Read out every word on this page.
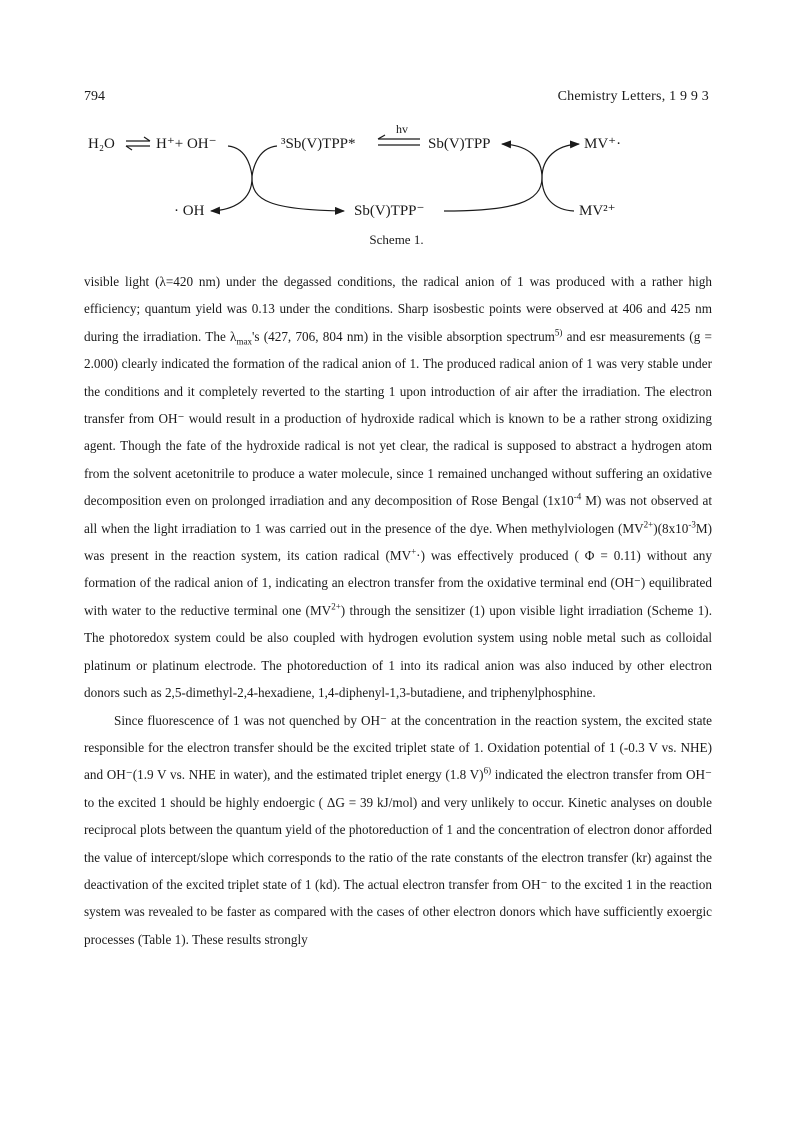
794	Chemistry Letters, 1 9 9 3
H₂O	H⁺+ OH⁻	³Sb(V)TPP*
hv
Sb(V)TPP	MV⁺·
· OH	Sb(V)TPP⁻	MV²⁺
Scheme 1.

visible light (λ=420 nm) under the degassed conditions, the radical anion of 1 was produced with a rather high efficiency; quantum yield was 0.13 under the conditions. Sharp isosbestic points were observed at 406 and 425 nm during the irradiation. The $\lambda_{max}'s$ (427, 706, 804 nm) in the visible absorption spectrum$^{5)}$ and esr measurements (g = 2.000) clearly indicated the formation of the radical anion of 1. The produced radical anion of 1 was very stable under the conditions and it completely reverted to the starting 1 upon introduction of air after the irradiation. The electron transfer from OH⁻ would result in a production of hydroxide radical which is known to be a rather strong oxidizing agent. Though the fate of the hydroxide radical is not yet clear, the radical is supposed to abstract a hydrogen atom from the solvent acetonitrile to produce a water molecule, since 1 remained unchanged without suffering an oxidative decomposition even on prolonged irradiation and any decomposition of Rose Bengal ($1x10^{-4}$ M) was not observed at all when the light irradiation to 1 was carried out in the presence of the dye. When methylviologen $(MV^{2+})(8x10^{-3}M)$ was present in the reaction system, its cation radical (MV+·) was effectively produced ( Φ = 0.11) without any formation of the radical anion of 1, indicating an electron transfer from the oxidative terminal end (OH⁻) equilibrated with water to the reductive terminal one $(MV^{2+})$ through the sensitizer (1) upon visible light irradiation (Scheme 1). The photoredox system could be also coupled with hydrogen evolution system using noble metal such as colloidal platinum or platinum electrode. The photoreduction of 1 into its radical anion was also induced by other electron donors such as 2,5-dimethyl-2,4-hexadiene, 1,4-diphenyl-1,3-butadiene, and triphenylphosphine.

Since fluorescence of 1 was not quenched by OH⁻ at the concentration in the reaction system, the excited state responsible for the electron transfer should be the excited triplet state of 1. Oxidation potential of 1 (-0.3 V vs. NHE) and OH⁻(1.9 V vs. NHE in water), and the estimated triplet energy (1.8 V)$^{6)}$ indicated the electron transfer from OH⁻ to the excited 1 should be highly endoergic ( ΔG = 39 kJ/mol) and very unlikely to occur. Kinetic analyses on double reciprocal plots between the quantum yield of the photoreduction of 1 and the concentration of electron donor afforded the value of intercept/slope which corresponds to the ratio of the rate constants of the electron transfer (kr) against the deactivation of the excited triplet state of 1 (kd). The actual electron transfer from OH⁻ to the excited 1 in the reaction system was revealed to be faster as compared with the cases of other electron donors which have sufficiently exoergic processes (Table 1). These results strongly
